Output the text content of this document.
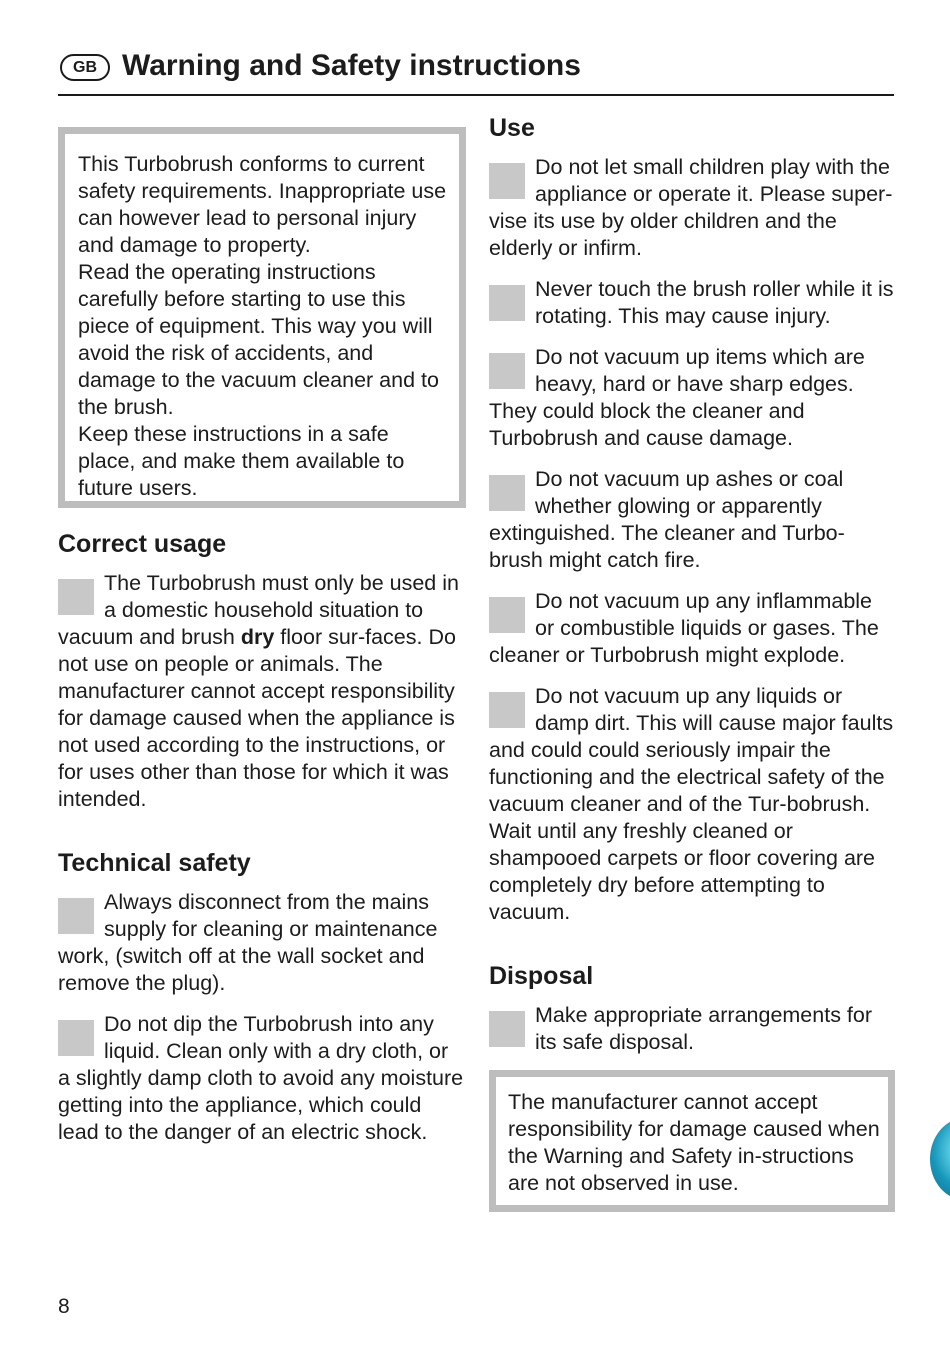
GB Warning and Safety instructions

This Turbobrush conforms to current safety requirements. Inappropriate use can however lead to personal injury and damage to property.

Read the operating instructions carefully before starting to use this piece of equipment. This way you will avoid the risk of accidents, and damage to the vacuum cleaner and to the brush.

Keep these instructions in a safe place, and make them available to future users.

Correct usage

The Turbobrush must only be used in a domestic household situation to vacuum and brush dry floor sur-faces. Do not use on people or animals. The manufacturer cannot accept responsibility for damage caused when the appliance is not used according to the instructions, or for uses other than those for which it was intended.

Technical safety

Always disconnect from the mains supply for cleaning or maintenance work, (switch off at the wall socket and remove the plug).

Do not dip the Turbobrush into any liquid. Clean only with a dry cloth, or a slightly damp cloth to avoid any moisture getting into the appliance, which could lead to the danger of an electric shock.

Use

Do not let small children play with the appliance or operate it. Please super-vise its use by older children and the elderly or infirm.

Never touch the brush roller while it is rotating. This may cause injury.

Do not vacuum up items which are heavy, hard or have sharp edges. They could block the cleaner and Turbobrush and cause damage.

Do not vacuum up ashes or coal whether glowing or apparently extinguished. The cleaner and Turbo-brush might catch fire.

Do not vacuum up any inflammable or combustible liquids or gases. The cleaner or Turbobrush might explode.

Do not vacuum up any liquids or damp dirt. This will cause major faults and could could seriously impair the functioning and the electrical safety of the vacuum cleaner and of the Tur-bobrush. Wait until any freshly cleaned or shampooed carpets or floor covering are completely dry before attempting to vacuum.

Disposal

Make appropriate arrangements for its safe disposal.

The manufacturer cannot accept responsibility for damage caused when the Warning and Safety in-structions are not observed in use.
8
